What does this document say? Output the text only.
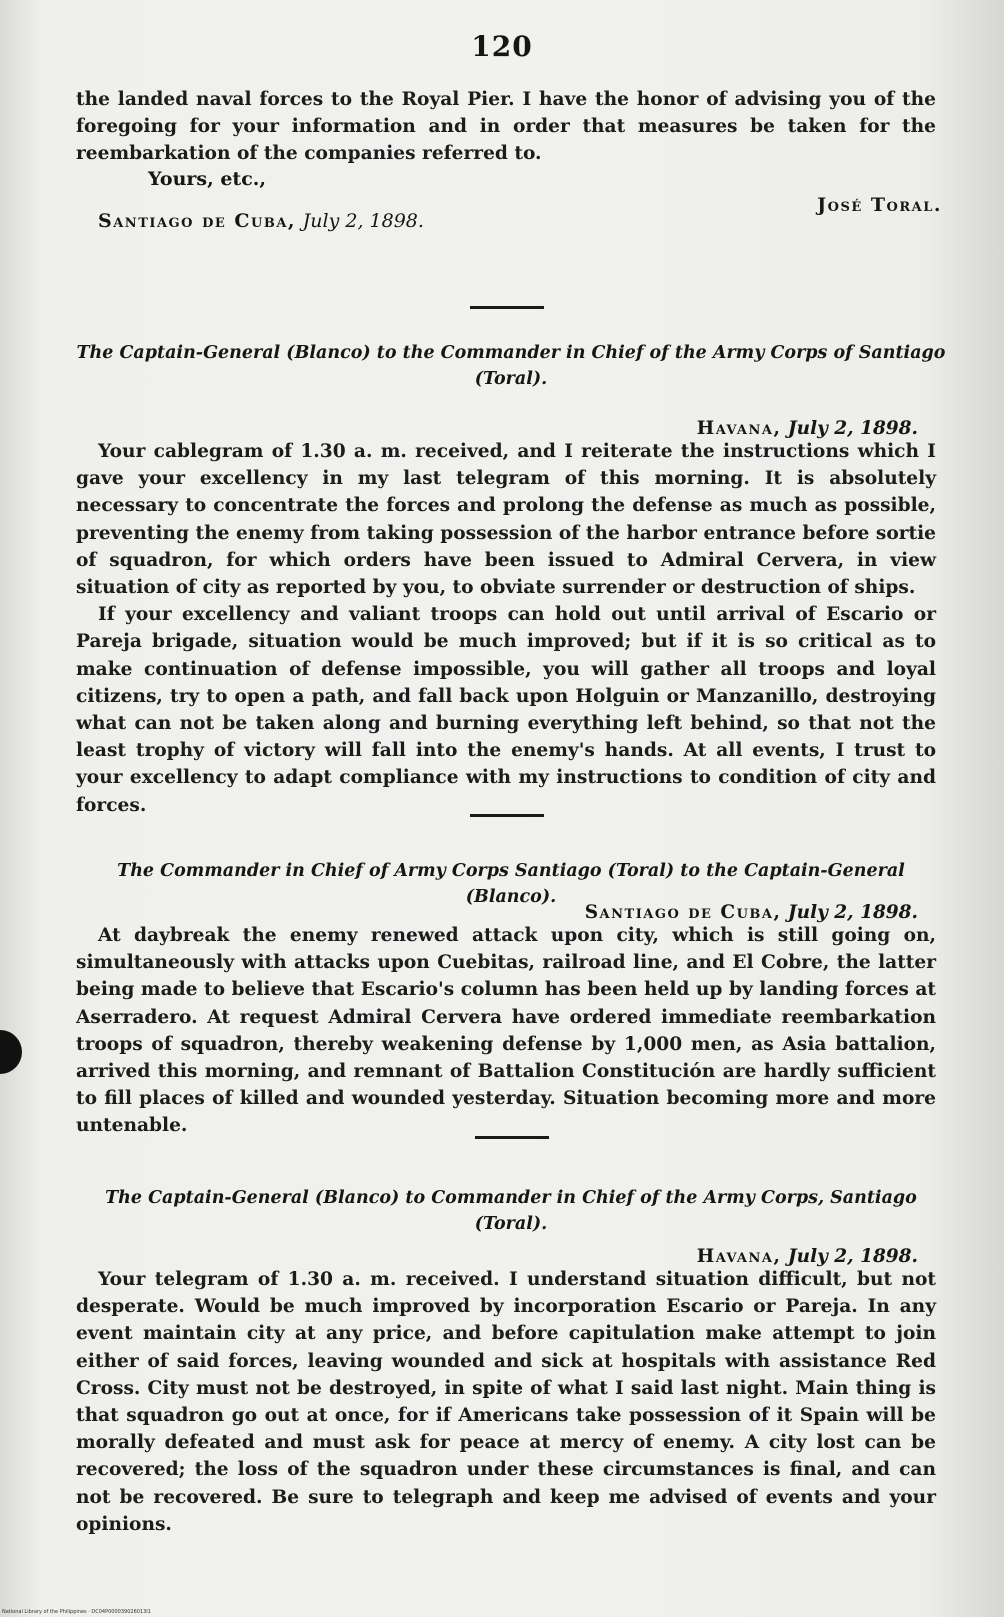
120

the landed naval forces to the Royal Pier. I have the honor of advising you of the foregoing for your information and in order that measures be taken for the reembarkation of the companies referred to.

Yours, etc.,
José Toral.
Santiago de Cuba, July 2, 1898.
The Captain-General (Blanco) to the Commander in Chief of the Army Corps of Santiago (Toral).
Havana, July 2, 1898.

Your cablegram of 1.30 a. m. received, and I reiterate the instructions which I gave your excellency in my last telegram of this morning. It is absolutely necessary to concentrate the forces and prolong the defense as much as possible, preventing the enemy from taking possession of the harbor entrance before sortie of squadron, for which orders have been issued to Admiral Cervera, in view situation of city as reported by you, to obviate surrender or destruction of ships.

If your excellency and valiant troops can hold out until arrival of Escario or Pareja brigade, situation would be much improved; but if it is so critical as to make continuation of defense impossible, you will gather all troops and loyal citizens, try to open a path, and fall back upon Holguin or Manzanillo, destroying what can not be taken along and burning everything left behind, so that not the least trophy of victory will fall into the enemy's hands. At all events, I trust to your excellency to adapt compliance with my instructions to condition of city and forces.

The Commander in Chief of Army Corps Santiago (Toral) to the Captain-General (Blanco).
Santiago de Cuba, July 2, 1898.

At daybreak the enemy renewed attack upon city, which is still going on, simultaneously with attacks upon Cuebitas, railroad line, and El Cobre, the latter being made to believe that Escario's column has been held up by landing forces at Aserradero. At request Admiral Cervera have ordered immediate reembarkation troops of squadron, thereby weakening defense by 1,000 men, as Asia battalion, arrived this morning, and remnant of Battalion Constitución are hardly sufficient to fill places of killed and wounded yesterday. Situation becoming more and more untenable.

The Captain-General (Blanco) to Commander in Chief of the Army Corps, Santiago (Toral).
Havana, July 2, 1898.

Your telegram of 1.30 a. m. received. I understand situation difficult, but not desperate. Would be much improved by incorporation Escario or Pareja. In any event maintain city at any price, and before capitulation make attempt to join either of said forces, leaving wounded and sick at hospitals with assistance Red Cross. City must not be destroyed, in spite of what I said last night. Main thing is that squadron go out at once, for if Americans take possession of it Spain will be morally defeated and must ask for peace at mercy of enemy. A city lost can be recovered; the loss of the squadron under these circumstances is final, and can not be recovered. Be sure to telegraph and keep me advised of events and your opinions.

National Library of the Philippines · DC04P000039026013I1
